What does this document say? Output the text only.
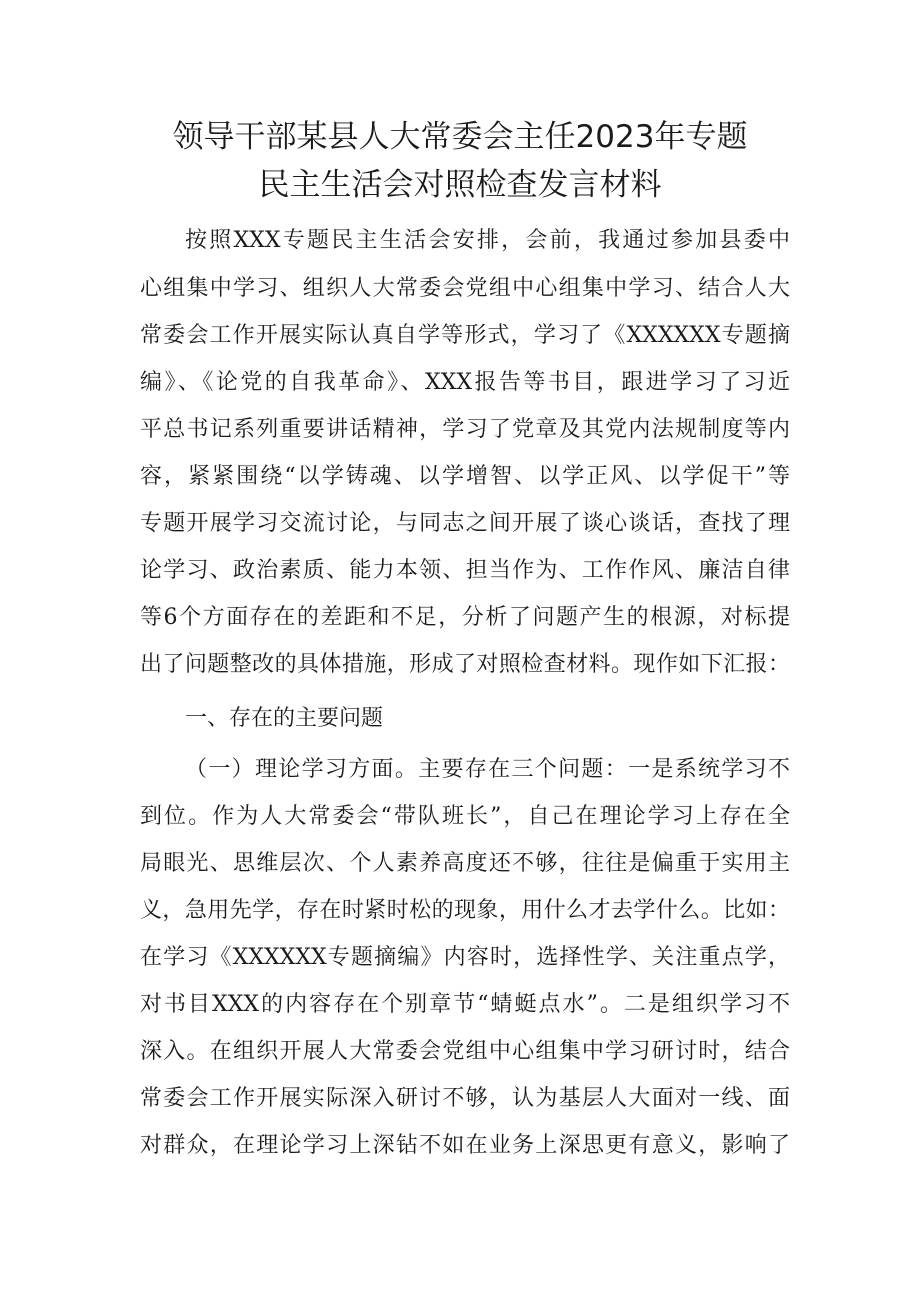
领导干部某县人大常委会主任2023年专题
民主生活会对照检查发言材料
按照XXX专题民主生活会安排，会前，我通过参加县委中
心组集中学习、组织人大常委会党组中心组集中学习、结合人大
常委会工作开展实际认真自学等形式，学习了《XXXXXX专题摘
编》、《论党的自我革命》、XXX报告等书目，跟进学习了习近
平总书记系列重要讲话精神，学习了党章及其党内法规制度等内
容，紧紧围绕“以学铸魂、以学增智、以学正风、以学促干”等
专题开展学习交流讨论，与同志之间开展了谈心谈话，查找了理
论学习、政治素质、能力本领、担当作为、工作作风、廉洁自律
等6个方面存在的差距和不足，分析了问题产生的根源，对标提
出了问题整改的具体措施，形成了对照检查材料。现作如下汇报：
一、存在的主要问题
（一）理论学习方面。主要存在三个问题：一是系统学习不
到位。作为人大常委会“带队班长”，自己在理论学习上存在全
局眼光、思维层次、个人素养高度还不够，往往是偏重于实用主
义，急用先学，存在时紧时松的现象，用什么才去学什么。比如：
在学习《XXXXXX专题摘编》内容时，选择性学、关注重点学，
对书目XXX的内容存在个别章节“蜻蜓点水”。二是组织学习不
深入。在组织开展人大常委会党组中心组集中学习研讨时，结合
常委会工作开展实际深入研讨不够，认为基层人大面对一线、面
对群众，在理论学习上深钻不如在业务上深思更有意义，影响了
